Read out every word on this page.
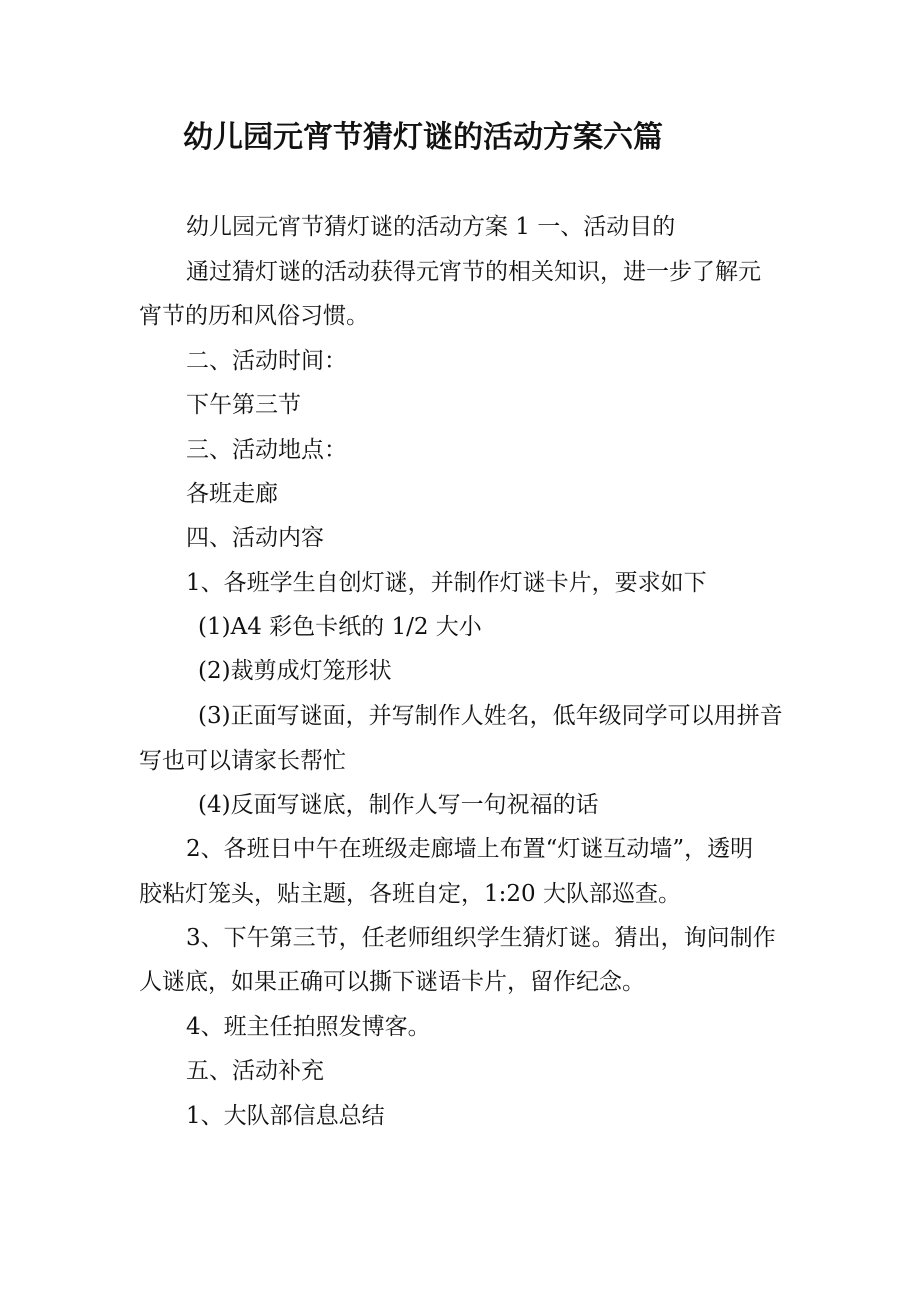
幼儿园元宵节猜灯谜的活动方案六篇
幼儿园元宵节猜灯谜的活动方案 1 一、活动目的
通过猜灯谜的活动获得元宵节的相关知识，进一步了解元
宵节的历和风俗习惯。
二、活动时间：
下午第三节
三、活动地点：
各班走廊
四、活动内容
1、各班学生自创灯谜，并制作灯谜卡片，要求如下
(1)A4 彩色卡纸的 1/2 大小
(2)裁剪成灯笼形状
(3)正面写谜面，并写制作人姓名，低年级同学可以用拼音
写也可以请家长帮忙
(4)反面写谜底，制作人写一句祝福的话
2、各班日中午在班级走廊墙上布置“灯谜互动墙”，透明
胶粘灯笼头，贴主题，各班自定，1:20 大队部巡查。
3、下午第三节，任老师组织学生猜灯谜。猜出，询问制作
人谜底，如果正确可以撕下谜语卡片，留作纪念。
4、班主任拍照发博客。
五、活动补充
1、大队部信息总结
